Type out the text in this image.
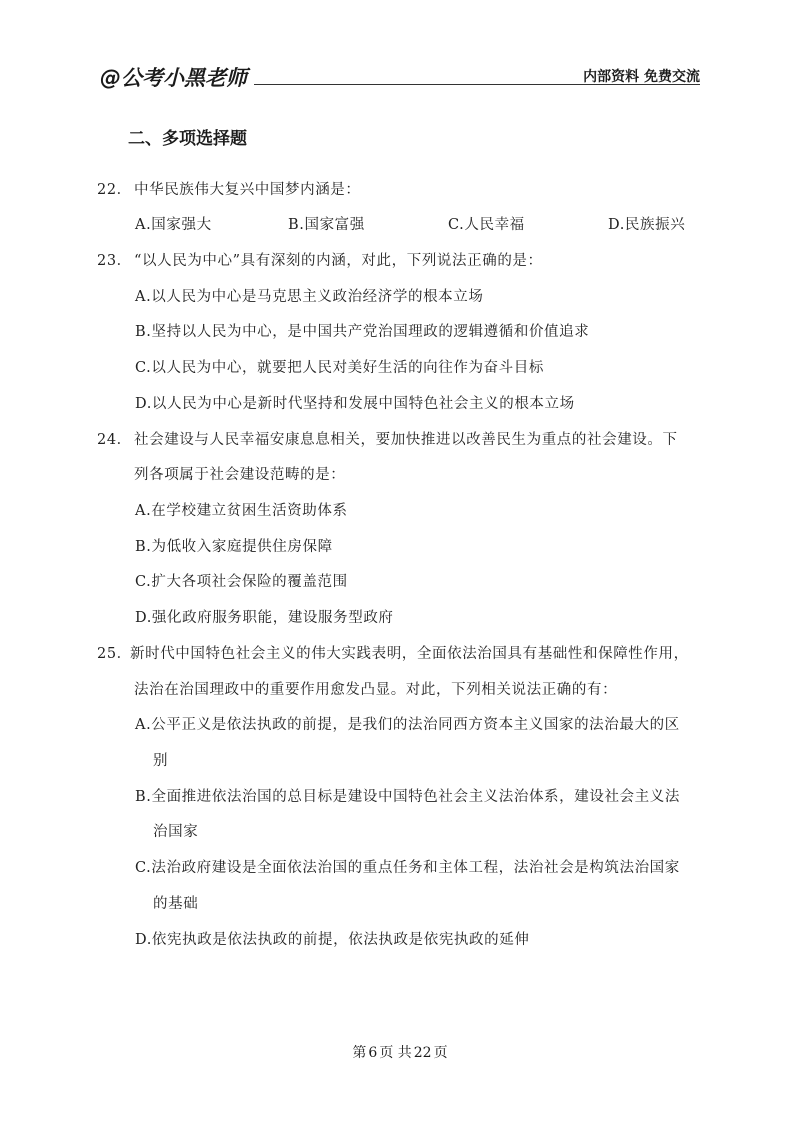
@公考小黑老师	内部资料 免费交流
二、多项选择题
22． 中华民族伟大复兴中国梦内涵是：
A.国家强大	B.国家富强	C.人民幸福	D.民族振兴
23． “以人民为中心”具有深刻的内涵，对此，下列说法正确的是：
A.以人民为中心是马克思主义政治经济学的根本立场
B.坚持以人民为中心，是中国共产党治国理政的逻辑遵循和价值追求
C.以人民为中心，就要把人民对美好生活的向往作为奋斗目标
D.以人民为中心是新时代坚持和发展中国特色社会主义的根本立场
24． 社会建设与人民幸福安康息息相关，要加快推进以改善民生为重点的社会建设。下
列各项属于社会建设范畴的是：
A.在学校建立贫困生活资助体系
B.为低收入家庭提供住房保障
C.扩大各项社会保险的覆盖范围
D.强化政府服务职能，建设服务型政府
25．
新时代中国特色社会主义的伟大实践表明，全面依法治国具有基础性和保障性作用，
法治在治国理政中的重要作用愈发凸显。对此，下列相关说法正确的有：
A.公平正义是依法执政的前提，是我们的法治同西方资本主义国家的法治最大的区
别
B.全面推进依法治国的总目标是建设中国特色社会主义法治体系，建设社会主义法
治国家
C.法治政府建设是全面依法治国的重点任务和主体工程，法治社会是构筑法治国家
的基础
D.依宪执政是依法执政的前提，依法执政是依宪执政的延伸
第 6 页 共 22 页
